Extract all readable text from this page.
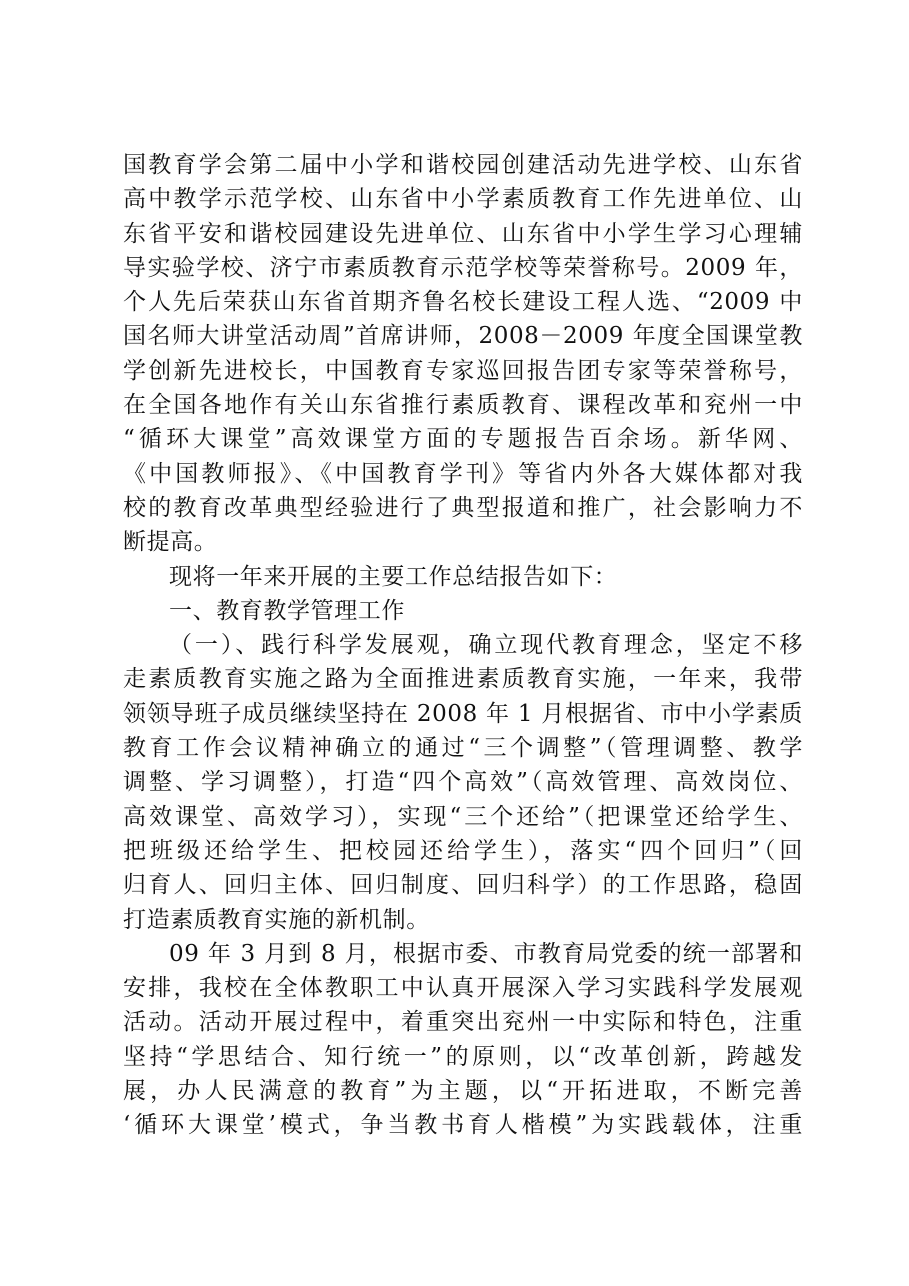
国教育学会第二届中小学和谐校园创建活动先进学校、山东省
高中教学示范学校、山东省中小学素质教育工作先进单位、山
东省平安和谐校园建设先进单位、山东省中小学生学习心理辅
导实验学校、济宁市素质教育示范学校等荣誉称号。2009 年，
个人先后荣获山东省首期齐鲁名校长建设工程人选、“2009 中
国名师大讲堂活动周”首席讲师，2008－2009 年度全国课堂教
学创新先进校长，中国教育专家巡回报告团专家等荣誉称号，
在全国各地作有关山东省推行素质教育、课程改革和兖州一中
“循环大课堂”高效课堂方面的专题报告百余场。新华网、
《中国教师报》、《中国教育学刊》等省内外各大媒体都对我
校的教育改革典型经验进行了典型报道和推广，社会影响力不
断提高。
现将一年来开展的主要工作总结报告如下：
一、教育教学管理工作
（一）、践行科学发展观，确立现代教育理念，坚定不移
走素质教育实施之路为全面推进素质教育实施，一年来，我带
领领导班子成员继续坚持在 2008 年 1 月根据省、市中小学素质
教育工作会议精神确立的通过“三个调整”（管理调整、教学
调整、学习调整），打造“四个高效”（高效管理、高效岗位、
高效课堂、高效学习），实现“三个还给”（把课堂还给学生、
把班级还给学生、把校园还给学生），落实“四个回归”（回
归育人、回归主体、回归制度、回归科学）的工作思路，稳固
打造素质教育实施的新机制。
09 年 3 月到 8 月，根据市委、市教育局党委的统一部署和
安排，我校在全体教职工中认真开展深入学习实践科学发展观
活动。活动开展过程中，着重突出兖州一中实际和特色，注重
坚持“学思结合、知行统一”的原则，以“改革创新，跨越发
展，办人民满意的教育”为主题，以“开拓进取，不断完善
‘循环大课堂’模式，争当教书育人楷模”为实践载体，注重
